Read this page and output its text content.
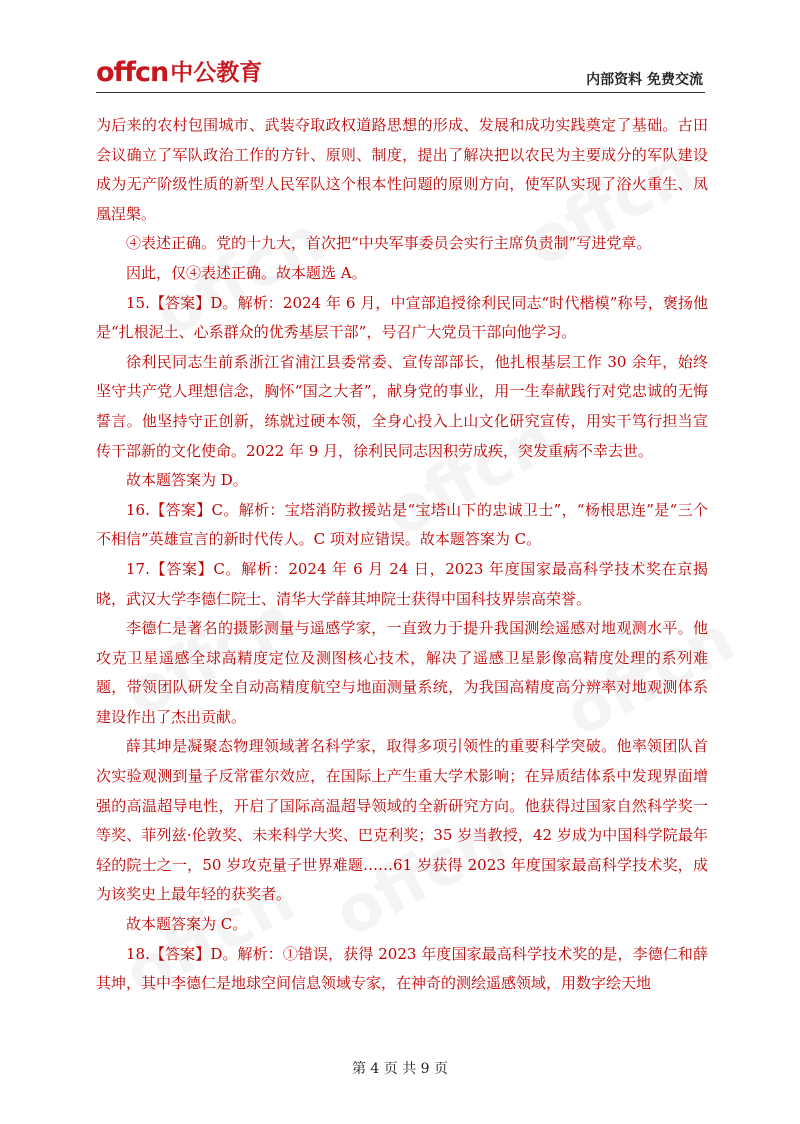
offcn 中公教育	内部资料 免费交流

为后来的农村包围城市、武装夺取政权道路思想的形成、发展和成功实践奠定了基础。古田会议确立了军队政治工作的方针、原则、制度，提出了解决把以农民为主要成分的军队建设成为无产阶级性质的新型人民军队这个根本性问题的原则方向，使军队实现了浴火重生、凤凰涅槃。

④表述正确。党的十九大，首次把“中央军事委员会实行主席负责制”写进党章。

因此，仅④表述正确。故本题选 A。

15.【答案】D。解析：2024 年 6 月，中宣部追授徐利民同志“时代楷模”称号，褒扬他是“扎根泥土、心系群众的优秀基层干部”，号召广大党员干部向他学习。

徐利民同志生前系浙江省浦江县委常委、宣传部部长，他扎根基层工作 30 余年，始终坚守共产党人理想信念，胸怀“国之大者”，献身党的事业，用一生奉献践行对党忠诚的无悔誓言。他坚持守正创新，练就过硬本领，全身心投入上山文化研究宣传，用实干笃行担当宣传干部新的文化使命。2022 年 9 月，徐利民同志因积劳成疾，突发重病不幸去世。

故本题答案为 D。

16.【答案】C。解析：宝塔消防救援站是“宝塔山下的忠诚卫士”，“杨根思连”是“三个不相信”英雄宣言的新时代传人。C 项对应错误。故本题答案为 C。

17.【答案】C。解析：2024 年 6 月 24 日，2023 年度国家最高科学技术奖在京揭晓，武汉大学李德仁院士、清华大学薛其坤院士获得中国科技界崇高荣誉。

李德仁是著名的摄影测量与遥感学家，一直致力于提升我国测绘遥感对地观测水平。他攻克卫星遥感全球高精度定位及测图核心技术，解决了遥感卫星影像高精度处理的系列难题，带领团队研发全自动高精度航空与地面测量系统，为我国高精度高分辨率对地观测体系建设作出了杰出贡献。

薛其坤是凝聚态物理领域著名科学家，取得多项引领性的重要科学突破。他率领团队首次实验观测到量子反常霍尔效应，在国际上产生重大学术影响；在异质结体系中发现界面增强的高温超导电性，开启了国际高温超导领域的全新研究方向。他获得过国家自然科学奖一等奖、菲列兹·伦敦奖、未来科学大奖、巴克利奖；35 岁当教授，42 岁成为中国科学院最年轻的院士之一，50 岁攻克量子世界难题……61 岁获得 2023 年度国家最高科学技术奖，成为该奖史上最年轻的获奖者。

故本题答案为 C。

18.【答案】D。解析：①错误，获得 2023 年度国家最高科学技术奖的是，李德仁和薛其坤，其中李德仁是地球空间信息领域专家，在神奇的测绘遥感领域，用数字绘天地

第 4 页 共 9 页
